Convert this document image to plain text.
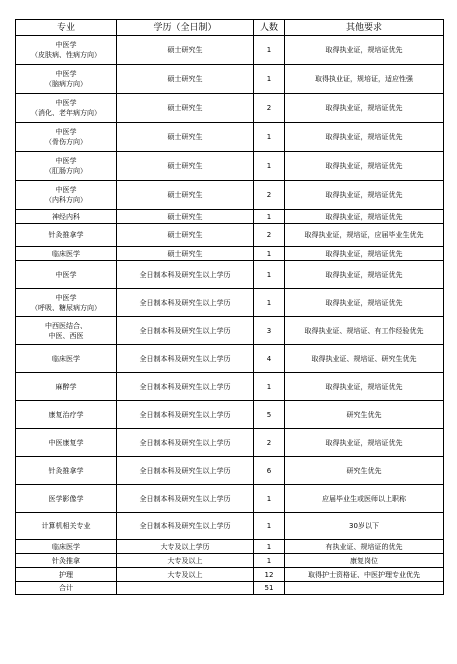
专业	学历（全日制）	人数	其他要求
中医学
（皮肤病、性病方向）	硕士研究生	1	取得执业证，规培证优先
中医学
（脑病方向）	硕士研究生	1	取得执业证，规培证，适应性强
中医学
（消化、老年病方向）	硕士研究生	2	取得执业证，规培证优先
中医学
（骨伤方向）	硕士研究生	1	取得执业证，规培证优先
中医学
（肛肠方向）	硕士研究生	1	取得执业证，规培证优先
中医学
（内科方向）	硕士研究生	2	取得执业证，规培证优先
神经内科	硕士研究生	1	取得执业证，规培证优先
针灸推拿学	硕士研究生	2	取得执业证，规培证，应届毕业生优先
临床医学	硕士研究生	1	取得执业证，规培证优先
中医学	全日制本科及研究生以上学历	1	取得执业证，规培证优先
中医学
（呼吸、糖尿病方向）	全日制本科及研究生以上学历	1	取得执业证，规培证优先
中西医结合、
中医、西医	全日制本科及研究生以上学历	3	取得执业证、规培证、有工作经验优先
临床医学	全日制本科及研究生以上学历	4	取得执业证、规培证、研究生优先
麻醉学	全日制本科及研究生以上学历	1	取得执业证，规培证优先
康复治疗学	全日制本科及研究生以上学历	5	研究生优先
中医康复学	全日制本科及研究生以上学历	2	取得执业证，规培证优先
针灸推拿学	全日制本科及研究生以上学历	6	研究生优先
医学影像学	全日制本科及研究生以上学历	1	应届毕业生或医师以上职称
计算机相关专业	全日制本科及研究生以上学历	1	30岁以下
临床医学	大专及以上学历	1	有执业证、规培证的优先
针灸推拿	大专及以上	1	康复岗位
护理	大专及以上	12	取得护士资格证、中医护理专业优先
合计		51	
